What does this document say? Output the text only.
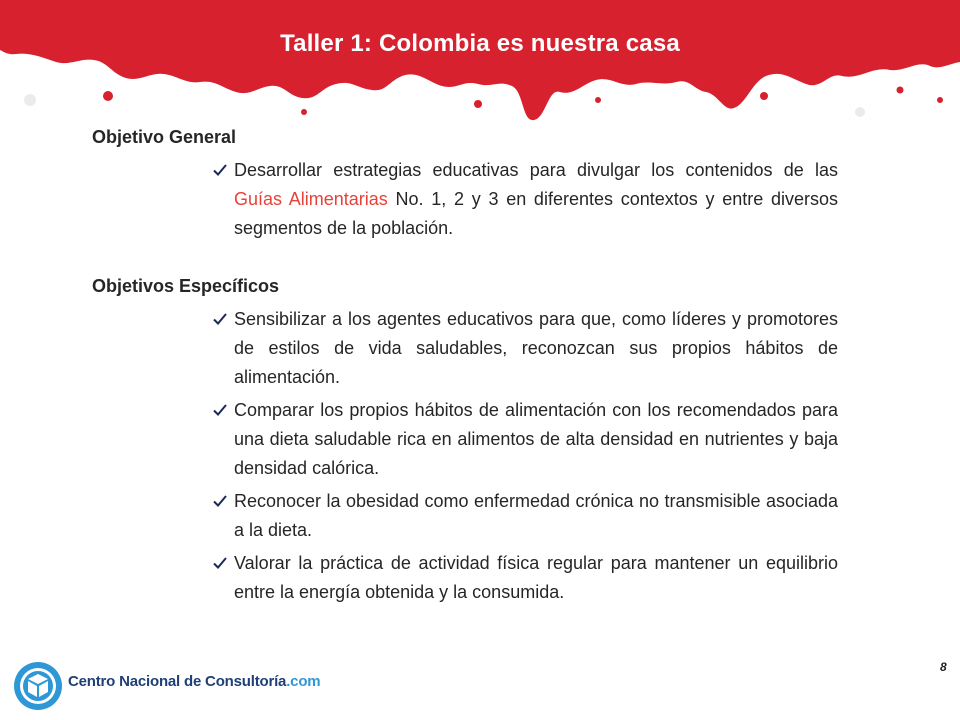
Taller 1: Colombia es nuestra casa

Objetivo General

Desarrollar estrategias educativas para divulgar los contenidos de las Guías Alimentarias No. 1, 2 y 3 en diferentes contextos y entre diversos segmentos de la población.

Objetivos Específicos

Sensibilizar a los agentes educativos para que, como líderes y promotores de estilos de vida saludables, reconozcan sus propios hábitos de alimentación.
Comparar los propios hábitos de alimentación con los recomendados para una dieta saludable rica en alimentos de alta densidad en nutrientes y baja densidad calórica.
Reconocer la obesidad como enfermedad crónica no transmisible asociada a la dieta.
Valorar la práctica de actividad física regular para mantener un equilibrio entre la energía obtenida y la consumida.
Centro Nacional de Consultoría.com
8
